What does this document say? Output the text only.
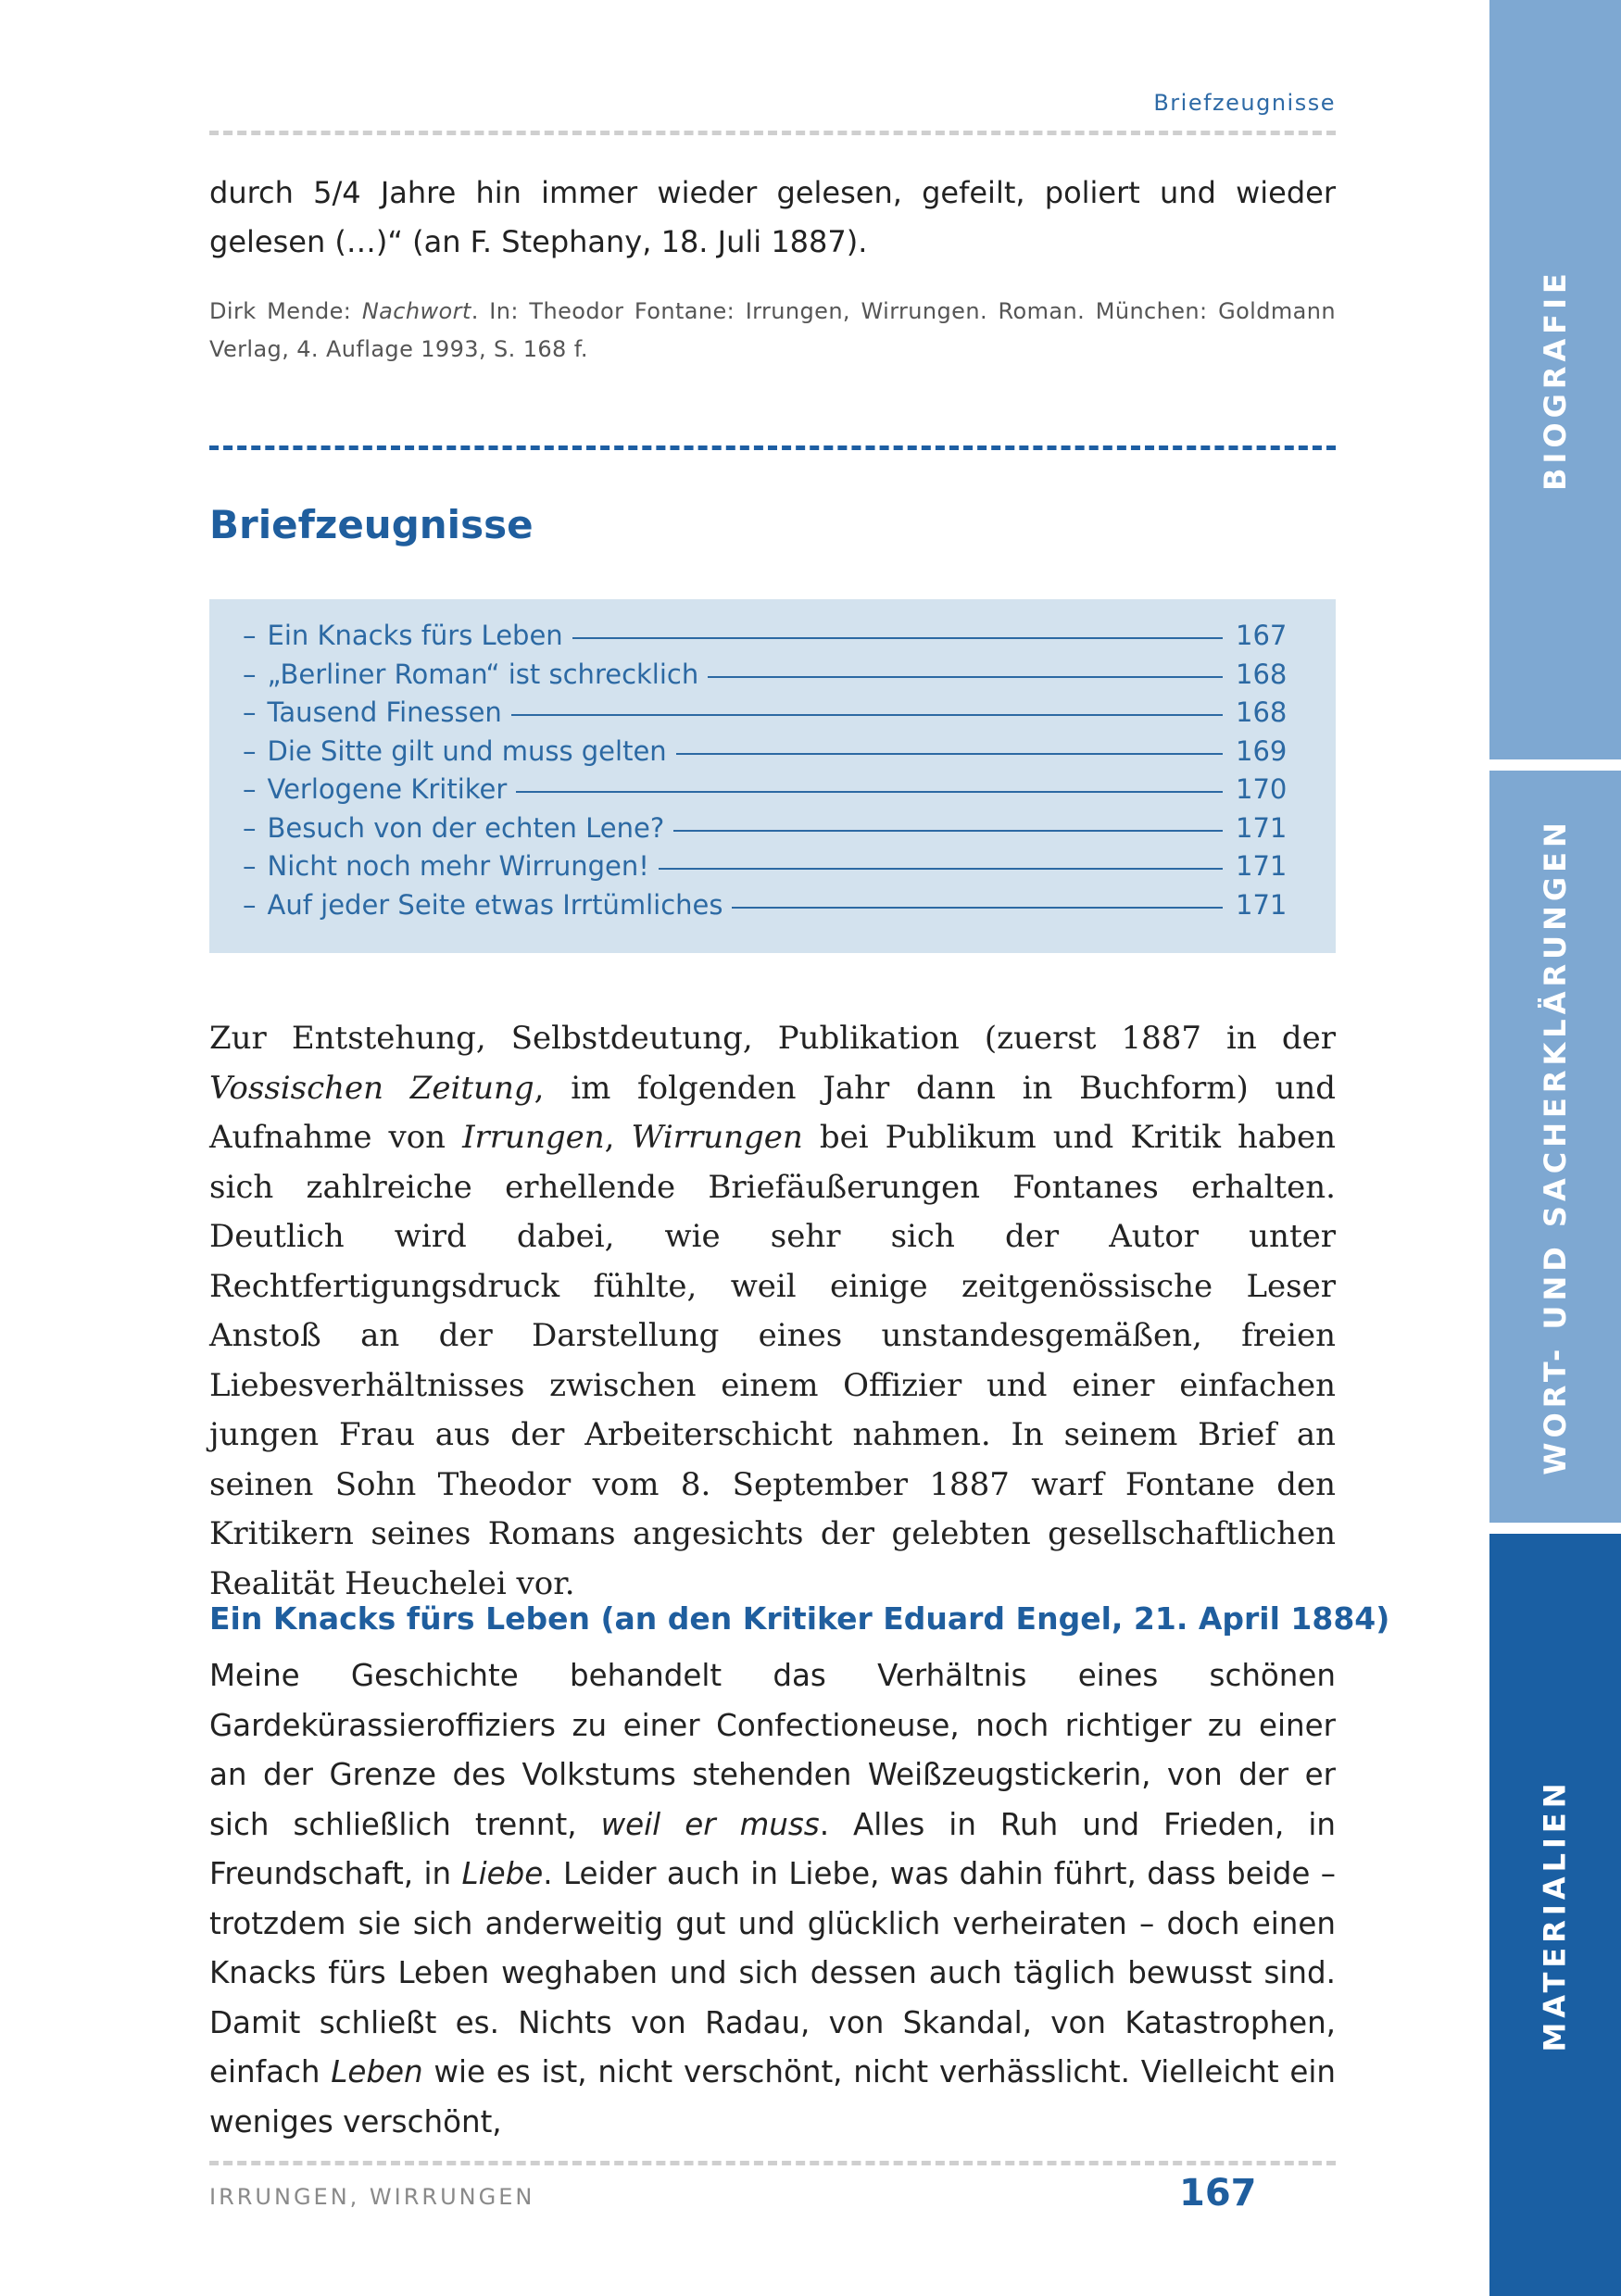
Briefzeugnisse

durch 5/4 Jahre hin immer wieder gelesen, gefeilt, poliert und wieder gelesen (…)“ (an F. Stephany, 18. Juli 1887).

Dirk Mende: Nachwort. In: Theodor Fontane: Irrungen, Wirrungen. Roman. München: Goldmann Verlag, 4. Auflage 1993, S. 168 f.

Briefzeugnisse
– Ein Knacks fürs Leben	167
– „Berliner Roman“ ist schrecklich	168
– Tausend Finessen	168
– Die Sitte gilt und muss gelten	169
– Verlogene Kritiker	170
– Besuch von der echten Lene?	171
– Nicht noch mehr Wirrungen!	171
– Auf jeder Seite etwas Irrtümliches	171

Zur Entstehung, Selbstdeutung, Publikation (zuerst 1887 in der Vossischen Zeitung, im folgenden Jahr dann in Buchform) und Aufnahme von Irrungen, Wirrungen bei Publikum und Kritik haben sich zahlreiche erhellende Briefäußerungen Fontanes erhalten. Deutlich wird dabei, wie sehr sich der Autor unter Rechtfertigungsdruck fühlte, weil einige zeitgenössische Leser Anstoß an der Darstellung eines unstandesgemäßen, freien Liebesverhältnisses zwischen einem Offizier und einer einfachen jungen Frau aus der Arbeiterschicht nahmen. In seinem Brief an seinen Sohn Theodor vom 8. September 1887 warf Fontane den Kritikern seines Romans angesichts der gelebten gesellschaftlichen Realität Heuchelei vor.

Ein Knacks fürs Leben (an den Kritiker Eduard Engel, 21. April 1884)

Meine Geschichte behandelt das Verhältnis eines schönen Gardekürassierofﬁziers zu einer Confectioneuse, noch richtiger zu einer an der Grenze des Volkstums stehenden Weißzeugstickerin, von der er sich schließlich trennt, weil er muss. Alles in Ruh und Frieden, in Freundschaft, in Liebe. Leider auch in Liebe, was dahin führt, dass beide – trotzdem sie sich anderweitig gut und glücklich verheiraten – doch einen Knacks fürs Leben weghaben und sich dessen auch täglich bewusst sind. Damit schließt es. Nichts von Radau, von Skandal, von Katastrophen, einfach Leben wie es ist, nicht verschönt, nicht verhässlicht. Vielleicht ein weniges verschönt,

IRRUNGEN, WIRRUNGEN	167
BIOGRAFIE
WORT- UND SACHERKLÄRUNGEN
MATERIALIEN
